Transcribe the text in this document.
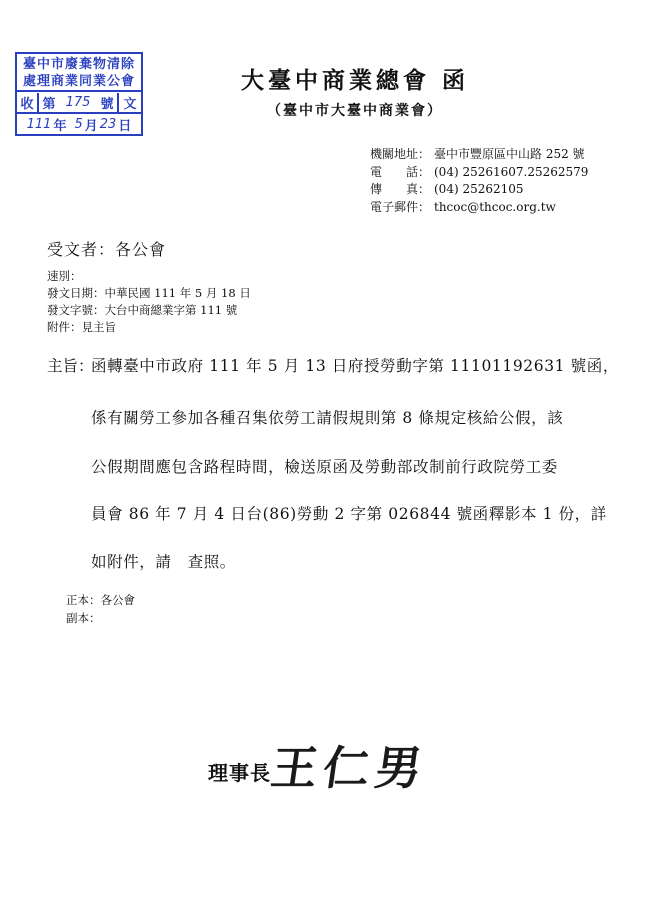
臺中市廢棄物清除
處理商業同業公會
收 第 175 號 文
111 年 5 月 23 日
大臺中商業總會 函
（臺中市大臺中商業會）
機關地址： 臺中市豐原區中山路 252 號
電　　話： (04) 25261607.25262579
傳　　真： (04) 25262105
電子郵件： thcoc@thcoc.org.tw
受文者：各公會
速別：
發文日期：中華民國 111 年 5 月 18 日
發文字號：大台中商總業字第 111 號
附件：見主旨
主旨：
函轉臺中市政府 111 年 5 月 13 日府授勞動字第 11101192631 號函，
係有關勞工參加各種召集依勞工請假規則第 8 條規定核給公假，該
公假期間應包含路程時間，檢送原函及勞動部改制前行政院勞工委
員會 86 年 7 月 4 日台(86)勞動 2 字第 026844 號函釋影本 1 份，詳
如附件，請　查照。
正本：各公會
副本：
理事長
王仁男
